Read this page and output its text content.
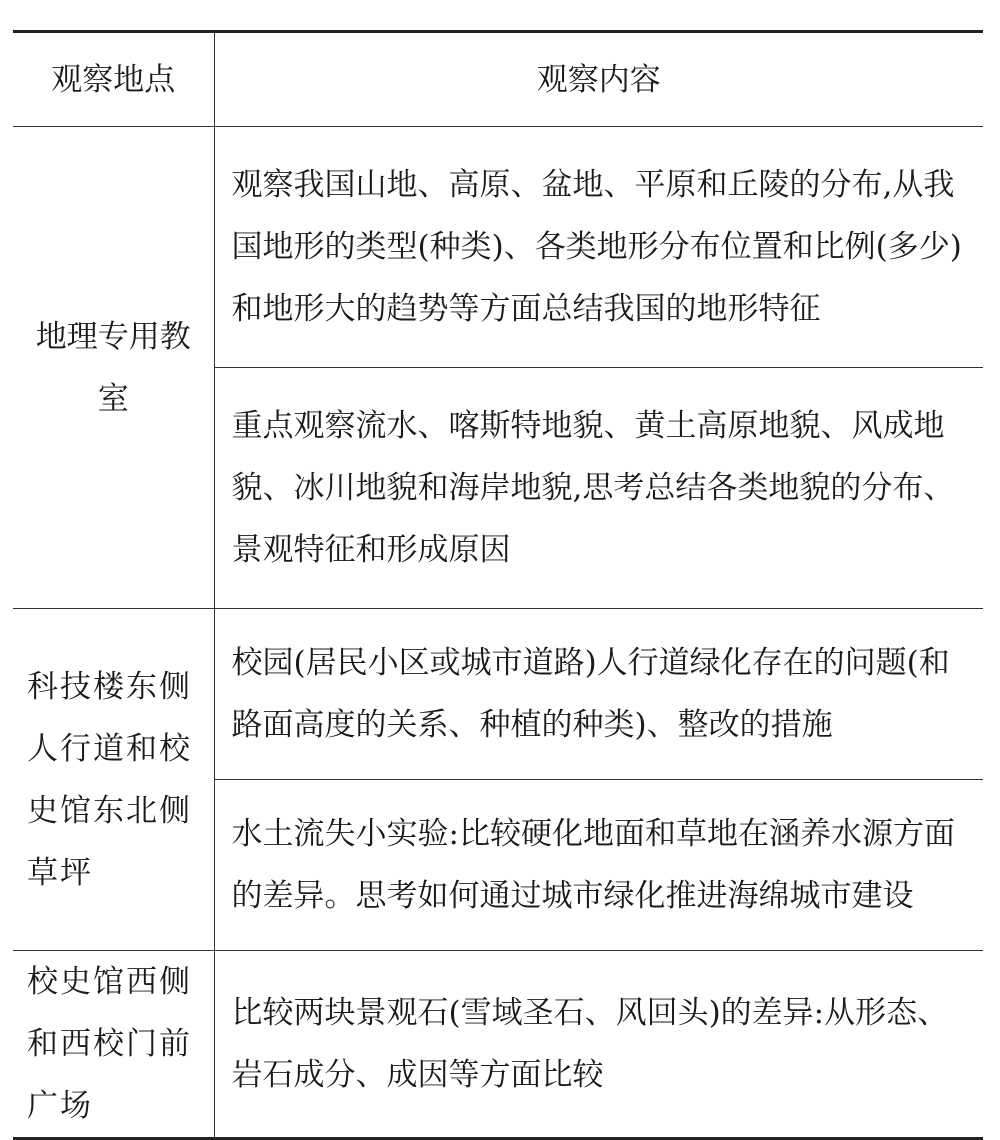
观察地点	观察内容
地理专用教室	观察我国山地、高原、盆地、平原和丘陵的分布,从我国地形的类型(种类)、各类地形分布位置和比例(多少)和地形大的趋势等方面总结我国的地形特征
	重点观察流水、喀斯特地貌、黄土高原地貌、风成地貌、冰川地貌和海岸地貌,思考总结各类地貌的分布、景观特征和形成原因
科技楼东侧人行道和校史馆东北侧草坪	校园(居民小区或城市道路)人行道绿化存在的问题(和路面高度的关系、种植的种类)、整改的措施
	水土流失小实验:比较硬化地面和草地在涵养水源方面的差异。思考如何通过城市绿化推进海绵城市建设
校史馆西侧和西校门前广场	比较两块景观石(雪域圣石、风回头)的差异:从形态、岩石成分、成因等方面比较
